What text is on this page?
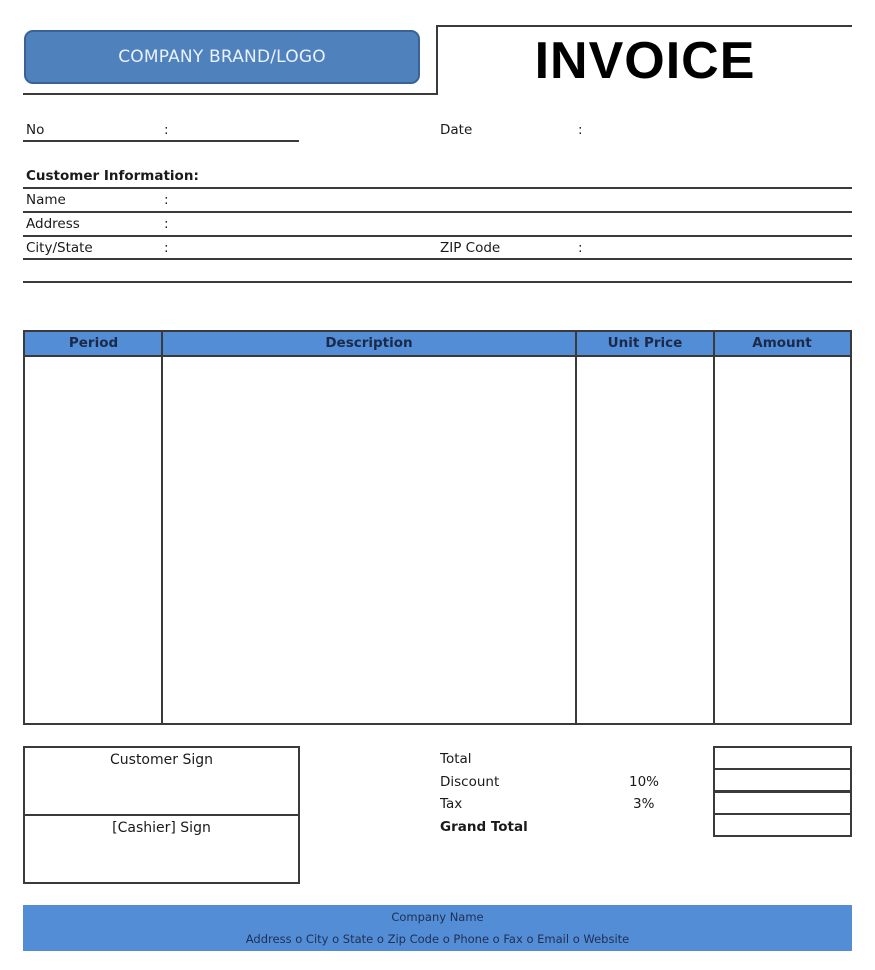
COMPANY BRAND/LOGO	INVOICE
No	:	Date	:
Customer Information:
Name	:
Address	:
City/State	:	ZIP Code	:
Period	Description	Unit Price	Amount
Customer Sign
[Cashier] Sign
Total
Discount	10%
Tax	3%
Grand Total
Company Name
Address o City o State o Zip Code o Phone o Fax o Email o Website
